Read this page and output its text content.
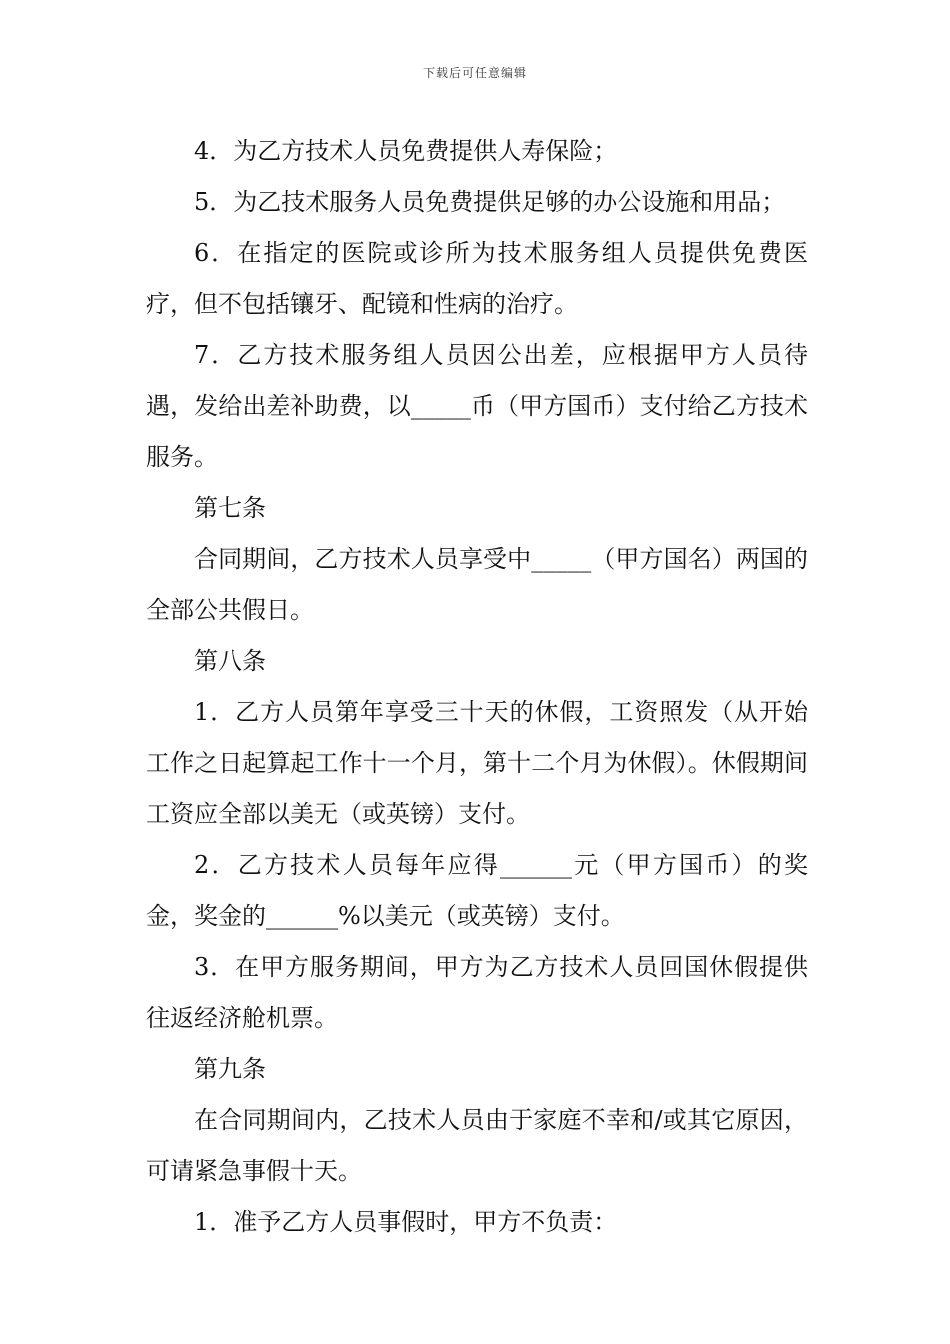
下载后可任意编辑

4．为乙方技术人员免费提供人寿保险；

5．为乙技术服务人员免费提供足够的办公设施和用品；

6．在指定的医院或诊所为技术服务组人员提供免费医疗，但不包括镶牙、配镜和性病的治疗。

7．乙方技术服务组人员因公出差，应根据甲方人员待遇，发给出差补助费，以_____币（甲方国币）支付给乙方技术服务。

第七条

合同期间，乙方技术人员享受中_____（甲方国名）两国的全部公共假日。

第八条

1．乙方人员第年享受三十天的休假，工资照发（从开始工作之日起算起工作十一个月，第十二个月为休假）。休假期间工资应全部以美无（或英镑）支付。

2．乙方技术人员每年应得______元（甲方国币）的奖金，奖金的______%以美元（或英镑）支付。

3．在甲方服务期间，甲方为乙方技术人员回国休假提供往返经济舱机票。

第九条

在合同期间内，乙技术人员由于家庭不幸和/或其它原因，可请紧急事假十天。

1．准予乙方人员事假时，甲方不负责：
